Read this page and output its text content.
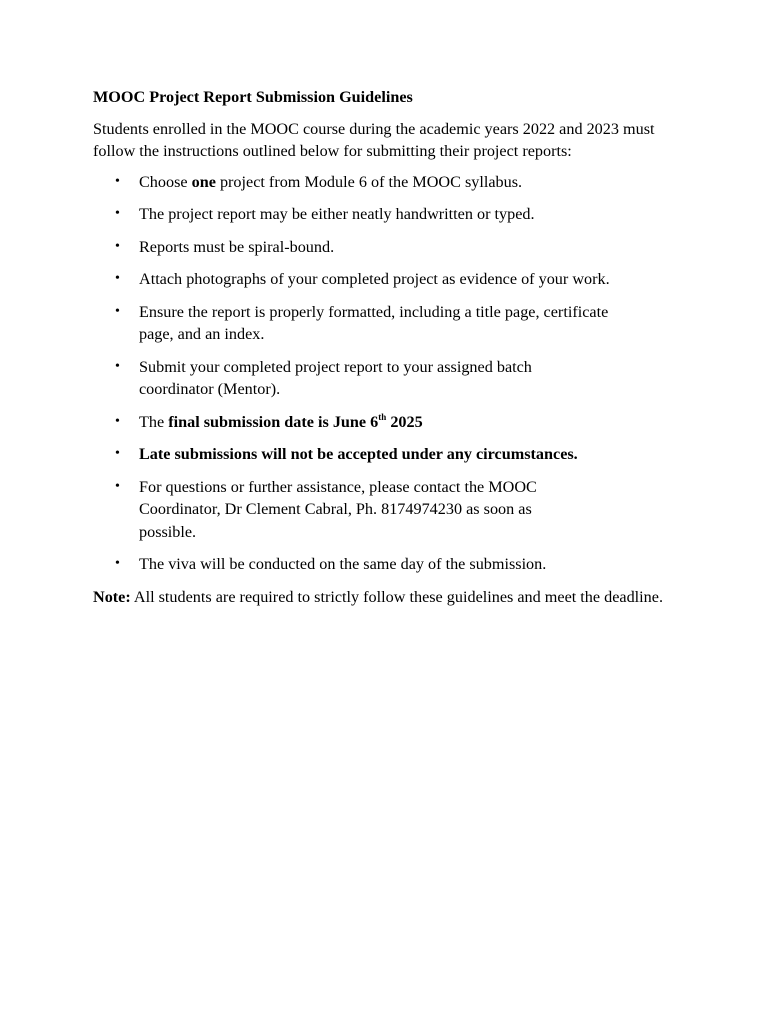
MOOC Project Report Submission Guidelines

Students enrolled in the MOOC course during the academic years 2022 and 2023 must follow the instructions outlined below for submitting their project reports:

• Choose one project from Module 6 of the MOOC syllabus.
• The project report may be either neatly handwritten or typed.
• Reports must be spiral-bound.
• Attach photographs of your completed project as evidence of your work.
• Ensure the report is properly formatted, including a title page, certificate page, and an index.
• Submit your completed project report to your assigned batch coordinator (Mentor).
• The final submission date is June 6th 2025
• Late submissions will not be accepted under any circumstances.
• For questions or further assistance, please contact the MOOC Coordinator, Dr Clement Cabral, Ph. 8174974230 as soon as possible.
• The viva will be conducted on the same day of the submission.

Note: All students are required to strictly follow these guidelines and meet the deadline.
